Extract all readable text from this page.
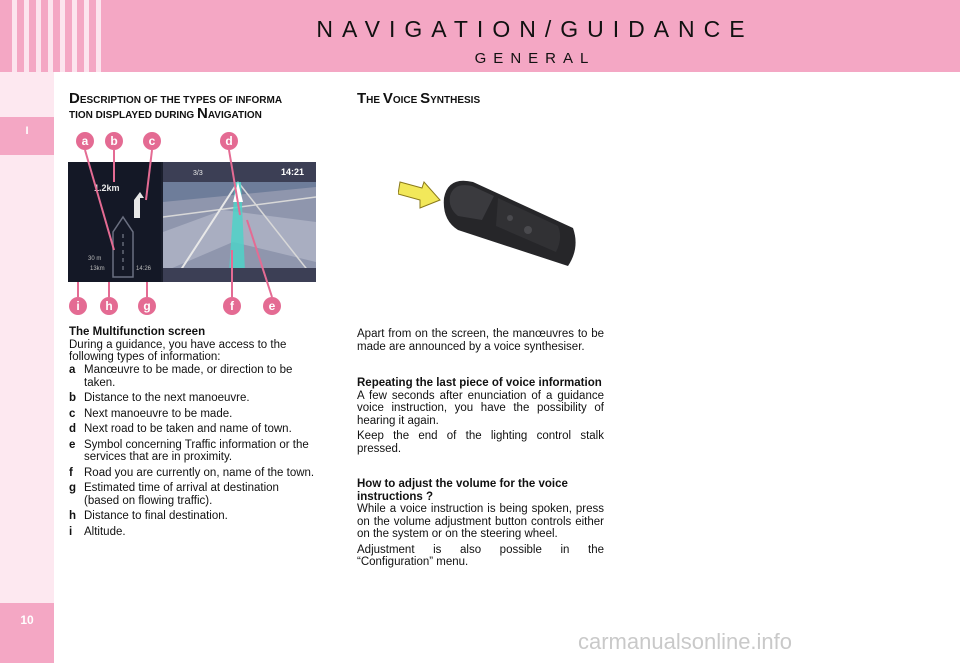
NAVIGATION/GUIDANCE
GENERAL
I
10
DESCRIPTION OF THE TYPES OF INFORMA
TION DISPLAYED DURING NAVIGATION
a	b	c	d
1.2km
30 m
13km	14:26
3/3	14:21
i	h	g	f	e
The Multifunction screen
During a guidance, you have access to the following types of information:
a Manœuvre to be made, or direction to be taken.
b Distance to the next manoeuvre.
c Next manoeuvre to be made.
d Next road to be taken and name of town.
e Symbol concerning Traffic information or the services that are in proximity.
f Road you are currently on, name of the town.
g Estimated time of arrival at destination (based on flowing traffic).
h Distance to final destination.
i	Altitude.
THE VOICE SYNTHESIS
Apart from on the screen, the manœuvres to be made are announced by a voice synthesiser.
Repeating the last piece of voice information
A few seconds after enunciation of a guidance voice instruction, you have the possibility of hearing it again.
Keep the end of the lighting control stalk pressed.
How to adjust the volume for the voice instructions ?
While a voice instruction is being spoken, press on the volume adjustment button controls either on the system or on the steering wheel.
Adjustment is also possible in the “Configuration” menu.
carmanualsonline.info
